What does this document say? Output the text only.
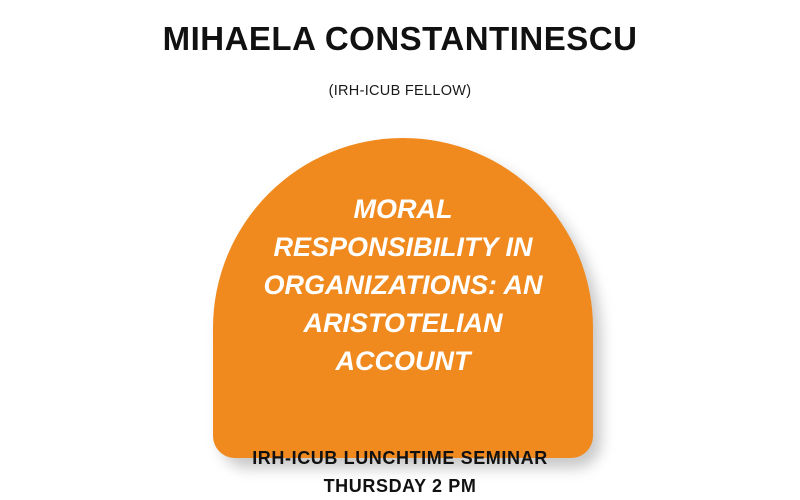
MIHAELA CONSTANTINESCU
(IRH-ICUB FELLOW)
MORAL RESPONSIBILITY IN ORGANIZATIONS: AN ARISTOTELIAN ACCOUNT
IRH-ICUB LUNCHTIME SEMINAR
THURSDAY 2 PM
